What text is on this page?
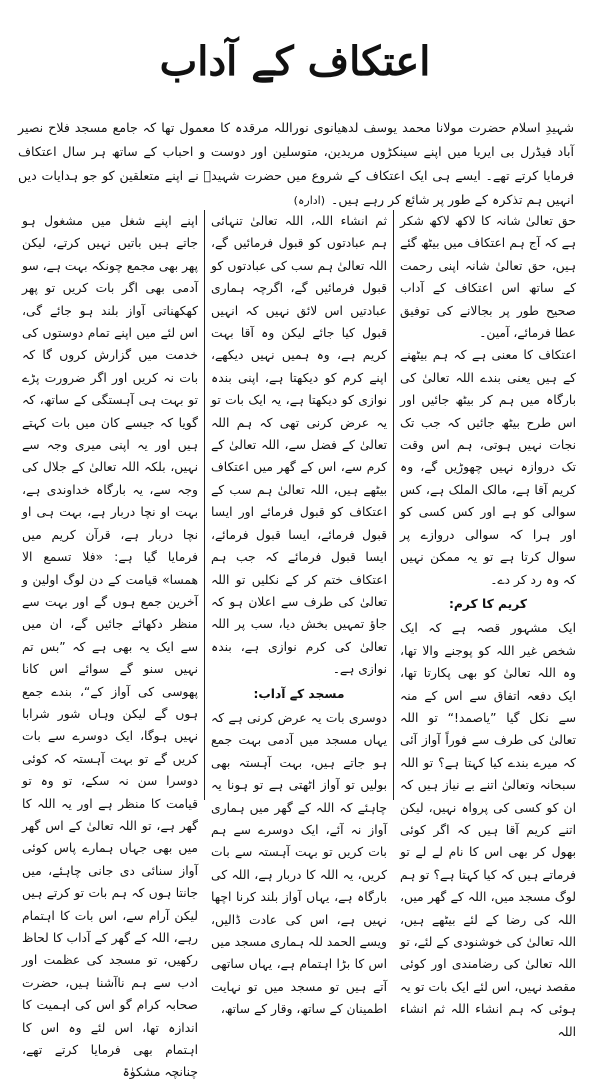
اعتکاف کے آداب

شہیدِ اسلام حضرت مولانا محمد یوسف لدھیانوی نوراللہ مرقدہ کا معمول تھا کہ جامع مسجد فلاح نصیر آباد فیڈرل بی ایریا میں اپنے سینکڑوں مریدین، متوسلین اور دوست و احباب کے ساتھ ہر سال اعتکاف فرمایا کرتے تھے۔ ایسے ہی ایک اعتکاف کے شروع میں حضرت شہیدؒ نے اپنے متعلقین کو جو ہدایات دیں انہیں ہم تذکرہ کے طور پر شائع کر رہے ہیں۔(ادارہ)

حق تعالیٰ شانہ کا لاکھ لاکھ شکر ہے کہ آج ہم اعتکاف میں بیٹھ گئے ہیں، حق تعالیٰ شانہ اپنی رحمت کے ساتھ اس اعتکاف کے آداب صحیح طور پر بجالانے کی توفیق عطا فرمائے، آمین۔

اعتکاف کا معنی ہے کہ ہم بیٹھنے کے ہیں یعنی بندے اللہ تعالیٰ کی بارگاہ میں ہم کر بیٹھ جائیں اور اس طرح بیٹھ جائیں کہ جب تک نجات نہیں ہوتی، ہم اس وقت تک دروازہ نہیں چھوڑیں گے، وہ کریم آقا ہے، مالک الملک ہے، کس سوالی کو ہے اور کس کسی کو اور ہرا کہ سوالی دروازے پر سوال کرتا ہے تو یہ ممکن نہیں کہ وہ رد کر دے۔

کریم کا کرم:

ایک مشہور قصہ ہے کہ ایک شخص غیر اللہ کو پوجنے والا تھا، وہ اللہ تعالیٰ کو بھی پکارتا تھا، ایک دفعہ اتفاق سے اس کے منہ سے نکل گیا ”یاصمد!“ تو اللہ تعالیٰ کی طرف سے فوراً آواز آئی کہ میرے بندے کیا کہتا ہے؟ تو اللہ سبحانہ وتعالیٰ اتنے بے نیاز ہیں کہ ان کو کسی کی پرواہ نہیں، لیکن اتنے کریم آقا ہیں کہ اگر کوئی بھول کر بھی اس کا نام لے لے تو فرماتے ہیں کہ کیا کہتا ہے؟ تو ہم لوگ مسجد میں، اللہ کے گھر میں، اللہ کی رضا کے لئے بیٹھے ہیں، اللہ تعالیٰ کی خوشنودی کے لئے، تو اللہ تعالیٰ کی رضامندی اور کوئی مقصد نہیں، اس لئے ایک بات تو یہ ہوئی کہ ہم انشاء اللہ ثم انشاء اللہ

ثم انشاء اللہ، اللہ تعالیٰ تنہائی ہم عبادتوں کو قبول فرمائیں گے، اللہ تعالیٰ ہم سب کی عبادتوں کو قبول فرمائیں گے، اگرچہ ہماری عبادتیں اس لائق نہیں کہ انہیں قبول کیا جائے لیکن وہ آقا بہت کریم ہے، وہ ہمیں نہیں دیکھے، اپنے کرم کو دیکھتا ہے، اپنی بندہ نوازی کو دیکھتا ہے، یہ ایک بات تو یہ عرض کرنی تھی کہ ہم اللہ تعالیٰ کے فضل سے، اللہ تعالیٰ کے کرم سے، اس کے گھر میں اعتکاف بیٹھے ہیں، اللہ تعالیٰ ہم سب کے اعتکاف کو قبول فرمائے اور ایسا قبول فرمائے، ایسا قبول فرمائے، ایسا قبول فرمائے کہ جب ہم اعتکاف ختم کر کے نکلیں تو اللہ تعالیٰ کی طرف سے اعلان ہو کہ جاؤ تمہیں بخش دیا، سب پر اللہ تعالیٰ کی کرم نوازی ہے، بندہ نوازی ہے۔

مسجد کے آداب:

دوسری بات یہ عرض کرنی ہے کہ یہاں مسجد میں آدمی بہت جمع ہو جاتے ہیں، بہت آہستہ بھی بولیں تو آواز اٹھتی ہے تو ہونا یہ چاہئے کہ اللہ کے گھر میں ہماری آواز نہ آئے، ایک دوسرے سے ہم بات کریں تو بہت آہستہ سے بات کریں، یہ اللہ کا دربار ہے، اللہ کی بارگاہ ہے، یہاں آواز بلند کرنا اچھا نہیں ہے، اس کی عادت ڈالیں، ویسے الحمد للہ ہماری مسجد میں اس کا بڑا اہتمام ہے، یہاں ساتھی آتے ہیں تو مسجد میں تو نہایت اطمینان کے ساتھ، وقار کے ساتھ،

اپنے اپنے شغل میں مشغول ہو جاتے ہیں باتیں نہیں کرتے، لیکن پھر بھی مجمع چونکہ بہت ہے، سو آدمی بھی اگر بات کریں تو پھر کھکھناتی آواز بلند ہو جائے گی، اس لئے میں اپنے تمام دوستوں کی خدمت میں گزارش کروں گا کہ بات نہ کریں اور اگر ضرورت پڑے تو بہت ہی آہستگی کے ساتھ، کہ گویا کہ جیسے کان میں بات کہتے ہیں اور یہ اپنی میری وجہ سے نہیں، بلکہ اللہ تعالیٰ کے جلال کی وجہ سے، یہ بارگاہ خداوندی ہے، بہت او نچا دربار ہے، بہت ہی او نچا دربار ہے، قرآن کریم میں فرمایا گیا ہے: «فلا تسمع الا همسا» قیامت کے دن لوگ اولین و آخرین جمع ہوں گے اور بہت سے منظر دکھائے جائیں گے، ان میں سے ایک یہ بھی ہے کہ ”بس تم نہیں سنو گے سوائے اس کانا پھوسی کی آواز کے“، بندے جمع ہوں گے لیکن وہاں شور شرابا نہیں ہوگا، ایک دوسرے سے بات کریں گے تو بہت آہستہ کہ کوئی دوسرا سن نہ سکے، تو وہ تو قیامت کا منظر ہے اور یہ اللہ کا گھر ہے، تو اللہ تعالیٰ کے اس گھر میں بھی جہاں ہمارے پاس کوئی آواز سنائی دی جانی چاہئے، میں جانتا ہوں کہ ہم بات تو کرتے ہیں لیکن آرام سے، اس بات کا اہتمام رہے، اللہ کے گھر کے آداب کا لحاظ رکھیں، تو مسجد کی عظمت اور ادب سے ہم ناآشنا ہیں، حضرت صحابہ کرام گو اس کی اہمیت کا اندازہ تھا، اس لئے وہ اس کا اہتمام بھی فرمایا کرتے تھے، چنانچہ مشکوٰۃ
